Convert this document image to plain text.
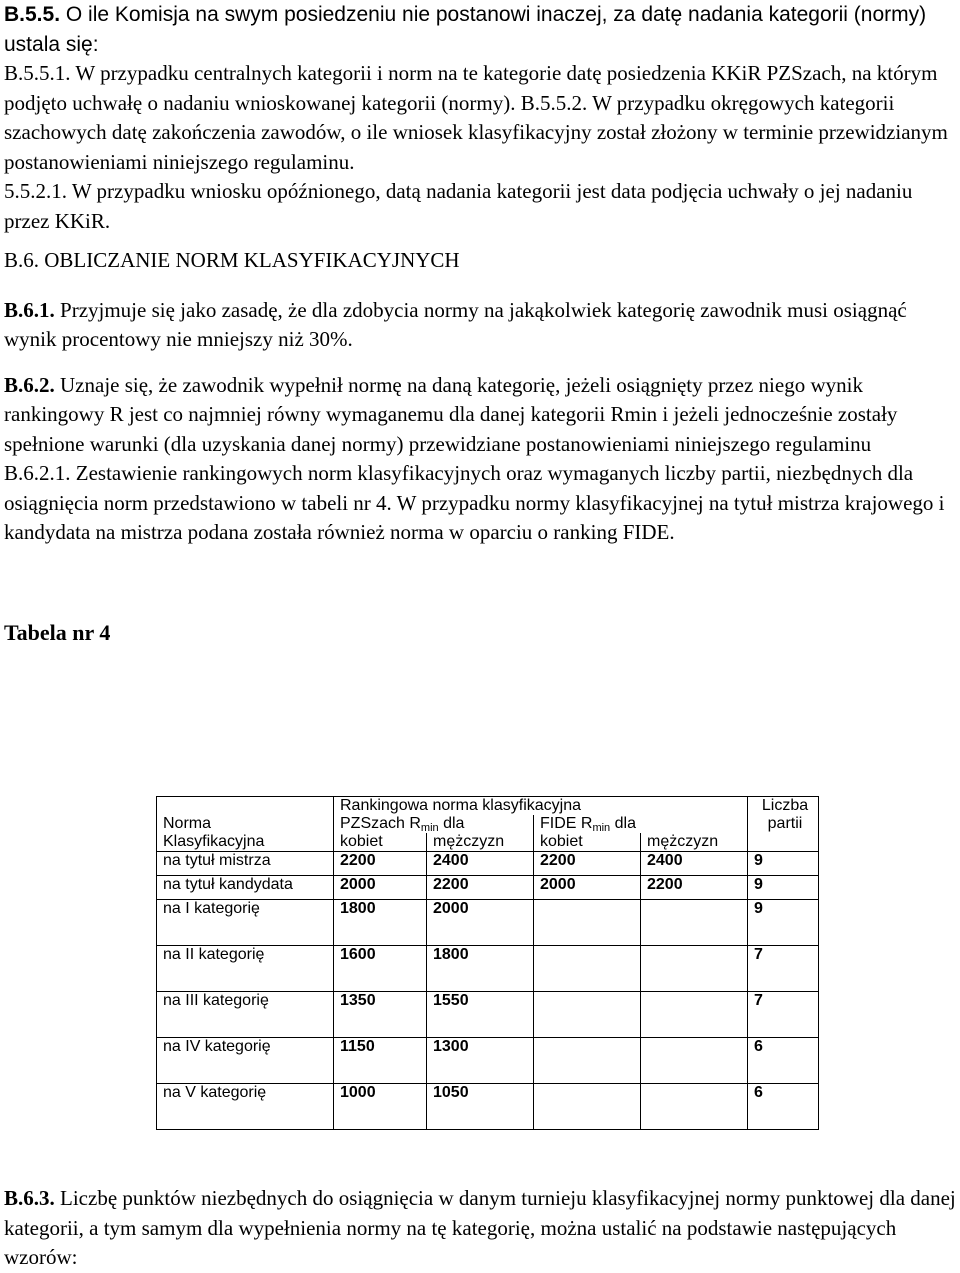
B.5.5. O ile Komisja na swym posiedzeniu nie postanowi inaczej, za datę nadania kategorii (normy) ustala się:

B.5.5.1. W przypadku centralnych kategorii i norm na te kategorie datę posiedzenia KKiR PZSzach, na którym podjęto uchwałę o nadaniu wnioskowanej kategorii (normy). B.5.5.2. W przypadku okręgowych kategorii szachowych datę zakończenia zawodów, o ile wniosek klasyfikacyjny został złożony w terminie przewidzianym postanowieniami niniejszego regulaminu.

5.5.2.1. W przypadku wniosku opóźnionego, datą nadania kategorii jest data podjęcia uchwały o jej nadaniu przez KKiR.

B.6. OBLICZANIE NORM KLASYFIKACYJNYCH

B.6.1. Przyjmuje się jako zasadę, że dla zdobycia normy na jakąkolwiek kategorię zawodnik musi osiągnąć wynik procentowy nie mniejszy niż 30%.

B.6.2. Uznaje się, że zawodnik wypełnił normę na daną kategorię, jeżeli osiągnięty przez niego wynik rankingowy R jest co najmniej równy wymaganemu dla danej kategorii Rmin i jeżeli jednocześnie zostały spełnione warunki (dla uzyskania danej normy) przewidziane postanowieniami niniejszego regulaminu

B.6.2.1. Zestawienie rankingowych norm klasyfikacyjnych oraz wymaganych liczby partii, niezbędnych dla osiągnięcia norm przedstawiono w tabeli nr 4. W przypadku normy klasyfikacyjnej na tytuł mistrza krajowego i kandydata na mistrza podana została również norma w oparciu o ranking FIDE.

Tabela nr 4

	Rankingowa norma klasyfikacyjna				Liczba
Norma	PZSzach $R_{min}$ dla		FIDE $R_{min}$ dla		partii
Klasyfikacyjna	kobiet	mężczyzn	kobiet	mężczyzn	
na tytuł mistrza	2200	2400	2200	2400	9
na tytuł kandydata	2000	2200	2000	2200	9
na I kategorię	1800	2000			9
na II kategorię	1600	1800			7
na III kategorię	1350	1550			7
na IV kategorię	1150	1300			6
na V kategorię	1000	1050			6

B.6.3. Liczbę punktów niezbędnych do osiągnięcia w danym turnieju klasyfikacyjnej normy punktowej dla danej kategorii, a tym samym dla wypełnienia normy na tę kategorię, można ustalić na podstawie następujących wzorów:
